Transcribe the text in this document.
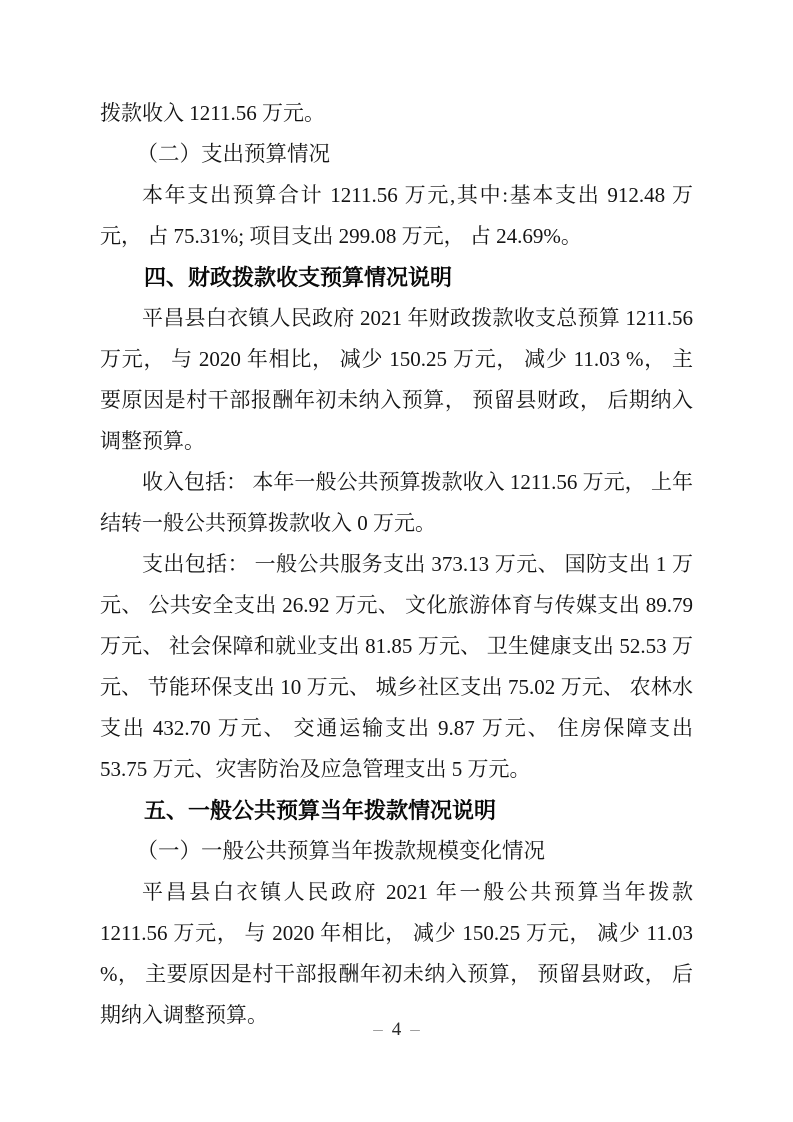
拨款收入 1211.56 万元。

（二）支出预算情况

本年支出预算合计 1211.56 万元,其中:基本支出 912.48 万元， 占 75.31%; 项目支出 299.08 万元， 占 24.69%。

四、财政拨款收支预算情况说明

平昌县白衣镇人民政府 2021 年财政拨款收支总预算 1211.56 万元， 与 2020 年相比， 减少 150.25 万元， 减少 11.03 %， 主要原因是村干部报酬年初未纳入预算， 预留县财政， 后期纳入调整预算。

收入包括： 本年一般公共预算拨款收入 1211.56 万元， 上年结转一般公共预算拨款收入 0 万元。

支出包括： 一般公共服务支出 373.13 万元、 国防支出 1 万元、 公共安全支出 26.92 万元、 文化旅游体育与传媒支出 89.79 万元、 社会保障和就业支出 81.85 万元、 卫生健康支出 52.53 万元、 节能环保支出 10 万元、 城乡社区支出 75.02 万元、 农林水支出 432.70 万元、 交通运输支出 9.87 万元、 住房保障支出 53.75 万元、灾害防治及应急管理支出 5 万元。

五、一般公共预算当年拨款情况说明

（一）一般公共预算当年拨款规模变化情况

平昌县白衣镇人民政府 2021 年一般公共预算当年拨款 1211.56 万元， 与 2020 年相比， 减少 150.25 万元， 减少 11.03 %， 主要原因是村干部报酬年初未纳入预算， 预留县财政， 后期纳入调整预算。

– 4 –
